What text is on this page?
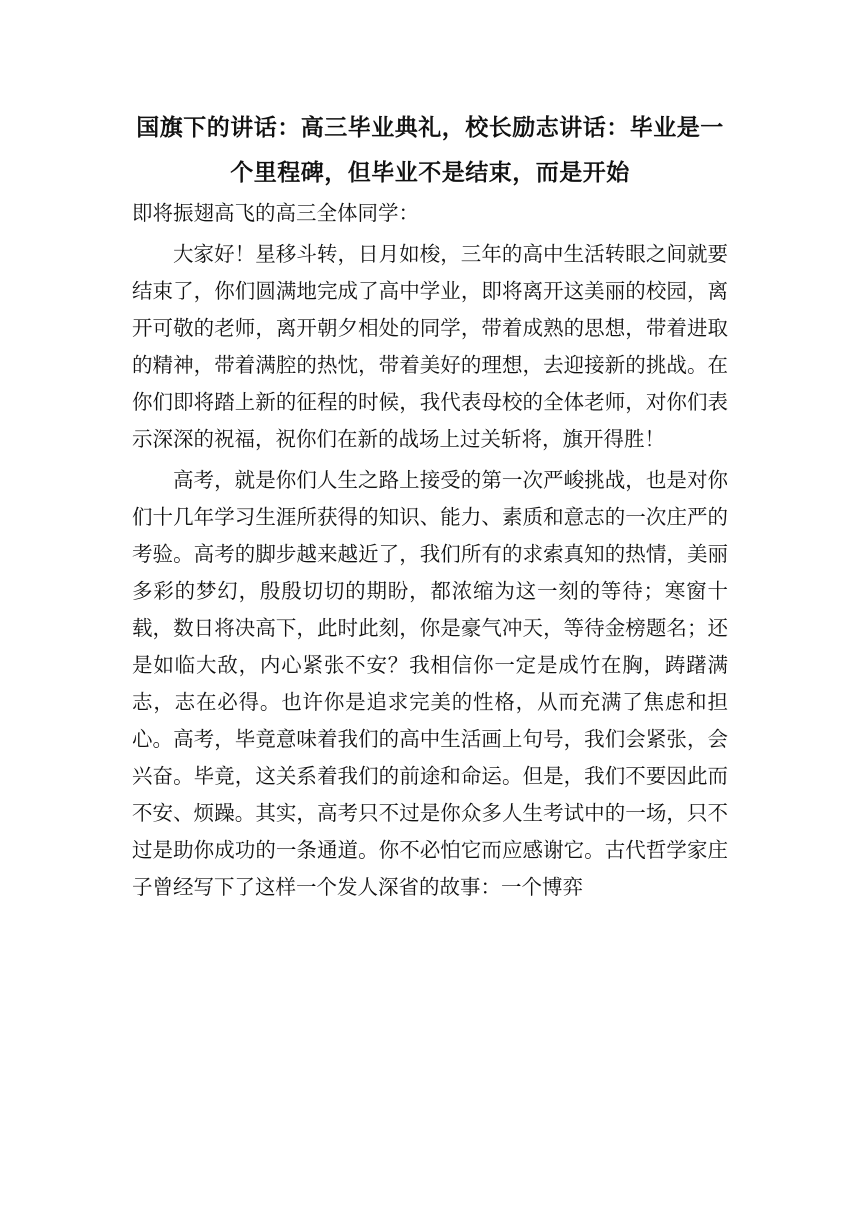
国旗下的讲话：高三毕业典礼，校长励志讲话：毕业是一个里程碑，但毕业不是结束，而是开始

即将振翅高飞的高三全体同学：

大家好！星移斗转，日月如梭，三年的高中生活转眼之间就要结束了，你们圆满地完成了高中学业，即将离开这美丽的校园，离开可敬的老师，离开朝夕相处的同学，带着成熟的思想，带着进取的精神，带着满腔的热忱，带着美好的理想，去迎接新的挑战。在你们即将踏上新的征程的时候，我代表母校的全体老师，对你们表示深深的祝福，祝你们在新的战场上过关斩将，旗开得胜！

高考，就是你们人生之路上接受的第一次严峻挑战，也是对你们十几年学习生涯所获得的知识、能力、素质和意志的一次庄严的考验。高考的脚步越来越近了，我们所有的求索真知的热情，美丽多彩的梦幻，殷殷切切的期盼，都浓缩为这一刻的等待；寒窗十载，数日将决高下，此时此刻，你是豪气冲天，等待金榜题名；还是如临大敌，内心紧张不安？我相信你一定是成竹在胸，踌躇满志，志在必得。也许你是追求完美的性格，从而充满了焦虑和担心。高考，毕竟意味着我们的高中生活画上句号，我们会紧张，会兴奋。毕竟，这关系着我们的前途和命运。但是，我们不要因此而不安、烦躁。其实，高考只不过是你众多人生考试中的一场，只不过是助你成功的一条通道。你不必怕它而应感谢它。古代哲学家庄子曾经写下了这样一个发人深省的故事：一个博弈
